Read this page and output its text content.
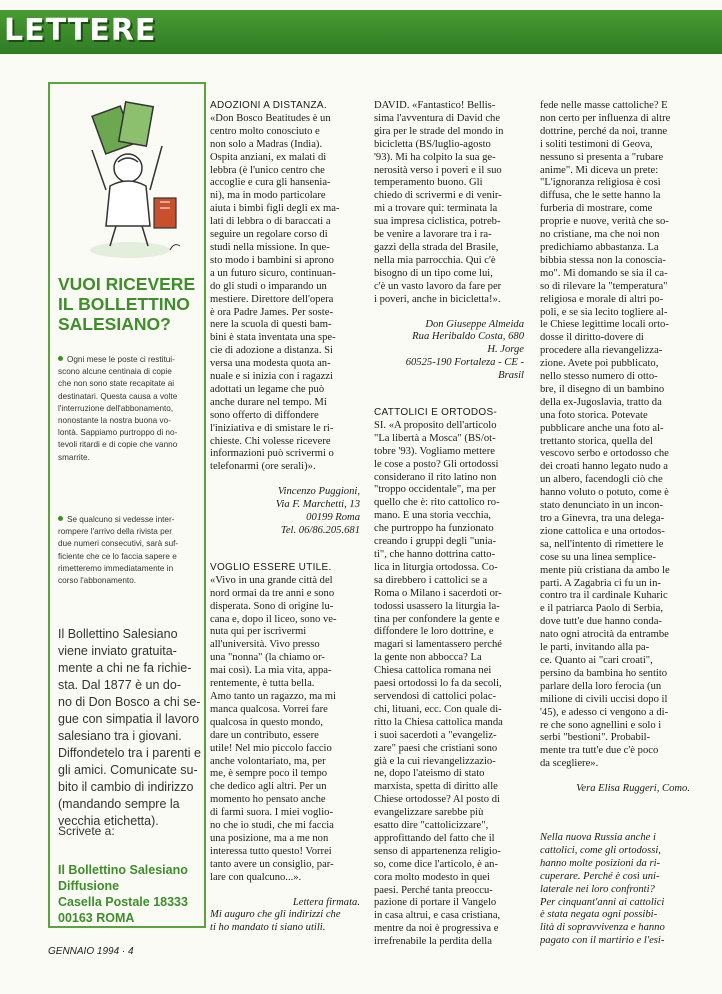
LETTERE
VUOI RICEVERE
IL BOLLETTINO
SALESIANO?
Ogni mese le poste ci restitui-
scono alcune centinaia di copie
che non sono state recapitate ai
destinatari. Questa causa a volte
l'interruzione dell'abbonamento,
nonostante la nostra buona vo-
lontà. Sappiamo purtroppo di no-
tevoli ritardi e di copie che vanno
smarrite.
Se qualcuno si vedesse inter-
rompere l'arrivo della rivista per
due numeri consecutivi, sarà suf-
ficiente che ce lo faccia sapere e
rimetteremo immediatamente in
corso l'abbonamento.
Il Bollettino Salesiano
viene inviato gratuita-
mente a chi ne fa richie-
sta. Dal 1877 è un do-
no di Don Bosco a chi se-
gue con simpatia il lavoro
salesiano tra i giovani.
Diffondetelo tra i parenti e
gli amici. Comunicate su-
bito il cambio di indirizzo
(mandando sempre la
vecchia etichetta).
Scrivete a:
Il Bollettino Salesiano
Diffusione
Casella Postale 18333
00163 ROMA
GENNAIO 1994 · 4
ADOZIONI A DISTANZA.
«Don Bosco Beatitudes è un
centro molto conosciuto e
non solo a Madras (India).
Ospita anziani, ex malati di
lebbra (è l'unico centro che
accoglie e cura gli hansenia-
ni), ma in modo particolare
aiuta i bimbi figli degli ex ma-
lati di lebbra o di baraccati a
seguire un regolare corso di
studi nella missione. In que-
sto modo i bambini si aprono
a un futuro sicuro, continuan-
do gli studi o imparando un
mestiere. Direttore dell'opera
è ora Padre James. Per soste-
nere la scuola di questi bam-
bini è stata inventata una spe-
cie di adozione a distanza. Si
versa una modesta quota an-
nuale e si inizia con i ragazzi
adottati un legame che può
anche durare nel tempo. Mi
sono offerto di diffondere
l'iniziativa e di smistare le ri-
chieste. Chi volesse ricevere
informazioni può scrivermi o
telefonarmi (ore serali)».
Vincenzo Puggioni,
Via F. Marchetti, 13
00199 Roma
Tel. 06/86.205.681
VOGLIO ESSERE UTILE.
«Vivo in una grande città del
nord ormai da tre anni e sono
disperata. Sono di origine lu-
cana e, dopo il liceo, sono ve-
nuta qui per iscrivermi
all'università. Vivo presso
una "nonna" (la chiamo or-
mai così). La mia vita, appa-
rentemente, è tutta bella.
Amo tanto un ragazzo, ma mi
manca qualcosa. Vorrei fare
qualcosa in questo mondo,
dare un contributo, essere
utile! Nel mio piccolo faccio
anche volontariato, ma, per
me, è sempre poco il tempo
che dedico agli altri. Per un
momento ho pensato anche
di farmi suora. I miei voglio-
no che io studi, che mi faccia
una posizione, ma a me non
interessa tutto questo! Vorrei
tanto avere un consiglio, par-
lare con qualcuno...».
Lettera firmata.
Mi auguro che gli indirizzi che
ti ho mandato ti siano utili.
DAVID. «Fantastico! Bellis-
sima l'avventura di David che
gira per le strade del mondo in
bicicletta (BS/luglio-agosto
'93). Mi ha colpito la sua ge-
nerosità verso i poveri e il suo
temperamento buono. Gli
chiedo di scrivermi e di venir-
mi a trovare qui: terminata la
sua impresa ciclistica, potreb-
be venire a lavorare tra i ra-
gazzi della strada del Brasile,
nella mia parrocchia. Qui c'è
bisogno di un tipo come lui,
c'è un vasto lavoro da fare per
i poveri, anche in bicicletta!».
Don Giuseppe Almeida
Rua Heribaldo Costa, 680
H. Jorge
60525-190 Fortaleza - CE -
Brasil
CATTOLICI E ORTODOS-
SI. «A proposito dell'articolo
"La libertà a Mosca" (BS/ot-
tobre '93). Vogliamo mettere
le cose a posto? Gli ortodossi
considerano il rito latino non
"troppo occidentale", ma per
quello che è: rito cattolico ro-
mano. È una storia vecchia,
che purtroppo ha funzionato
creando i gruppi degli "unia-
ti", che hanno dottrina catto-
lica in liturgia ortodossa. Co-
sa direbbero i cattolici se a
Roma o Milano i sacerdoti or-
todossi usassero la liturgia la-
tina per confondere la gente e
diffondere le loro dottrine, e
magari si lamentassero perché
la gente non abbocca? La
Chiesa cattolica romana nei
paesi ortodossi lo fa da secoli,
servendosi di cattolici polac-
chi, lituani, ecc. Con quale di-
ritto la Chiesa cattolica manda
i suoi sacerdoti a "evangeliz-
zare" paesi che cristiani sono
già e la cui rievangelizzazio-
ne, dopo l'ateismo di stato
marxista, spetta di diritto alle
Chiese ortodosse? Al posto di
evangelizzare sarebbe più
esatto dire "cattolicizzare",
approfittando del fatto che il
senso di appartenenza religio-
so, come dice l'articolo, è an-
cora molto modesto in quei
paesi. Perché tanta preoccu-
pazione di portare il Vangelo
in casa altrui, e casa cristiana,
mentre da noi è progressiva e
irrefrenabile la perdita della
fede nelle masse cattoliche? E
non certo per influenza di altre
dottrine, perché da noi, tranne
i soliti testimoni di Geova,
nessuno si presenta a "rubare
anime". Mi diceva un prete:
"L'ignoranza religiosa è così
diffusa, che le sette hanno la
furberia di mostrare, come
proprie e nuove, verità che so-
no cristiane, ma che noi non
predichiamo abbastanza. La
bibbia stessa non la conoscia-
mo". Mi domando se sia il ca-
so di rilevare la "temperatura"
religiosa e morale di altri po-
poli, e se sia lecito togliere al-
le Chiese legittime locali orto-
dosse il diritto-dovere di
procedere alla rievangelizza-
zione. Avete poi pubblicato,
nello stesso numero di otto-
bre, il disegno di un bambino
della ex-Jugoslavia, tratto da
una foto storica. Potevate
pubblicare anche una foto al-
trettanto storica, quella del
vescovo serbo e ortodosso che
dei croati hanno legato nudo a
un albero, facendogli ciò che
hanno voluto o potuto, come è
stato denunciato in un incon-
tro a Ginevra, tra una delega-
zione cattolica e una ortodos-
sa, nell'intento di rimettere le
cose su una linea semplice-
mente più cristiana da ambo le
parti. A Zagabria ci fu un in-
contro tra il cardinale Kuharic
e il patriarca Paolo di Serbia,
dove tutt'e due hanno conda-
nato ogni atrocità da entrambe
le parti, invitando alla pa-
ce. Quanto ai "cari croati",
persino da bambina ho sentito
parlare della loro ferocia (un
milione di civili uccisi dopo il
'45), e adesso ci vengono a di-
re che sono agnellini e solo i
serbi "bestioni". Probabil-
mente tra tutt'e due c'è poco
da scegliere».
Vera Elisa Ruggeri, Como.
Nella nuova Russia anche i
cattolici, come gli ortodossi,
hanno molte posizioni da ri-
cuperare. Perché è così uni-
laterale nei loro confronti?
Per cinquant'anni ai cattolici
è stata negata ogni possibi-
lità di sopravvivenza e hanno
pagato con il martirio e l'esi-
